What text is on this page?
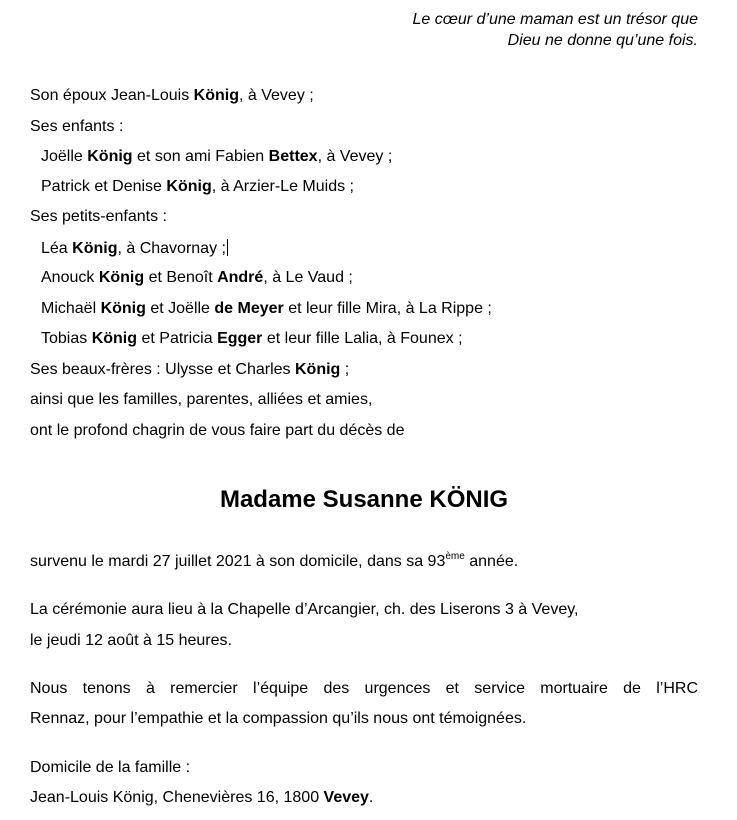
Le cœur d’une maman est un trésor que
Dieu ne donne qu’une fois.
Son époux Jean-Louis König, à Vevey ;
Ses enfants :
Joëlle König et son ami Fabien Bettex, à Vevey ;
Patrick et Denise König, à Arzier-Le Muids ;
Ses petits-enfants :
Léa König, à Chavornay ;
Anouck König et Benoît André, à Le Vaud ;
Michaël König et Joëlle de Meyer et leur fille Mira, à La Rippe ;
Tobias König et Patricia Egger et leur fille Lalia, à Founex ;
Ses beaux-frères : Ulysse et Charles König ;
ainsi que les familles, parentes, alliées et amies,
ont le profond chagrin de vous faire part du décès de
Madame Susanne KÖNIG
survenu le mardi 27 juillet 2021 à son domicile, dans sa 93ème année.
La cérémonie aura lieu à la Chapelle d’Arcangier, ch. des Liserons 3 à Vevey,
le jeudi 12 août à 15 heures.
Nous tenons à remercier l’équipe des urgences et service mortuaire de l’HRC
Rennaz, pour l’empathie et la compassion qu’ils nous ont témoignées.
Domicile de la famille :
Jean-Louis König, Chenevières 16, 1800 Vevey.
